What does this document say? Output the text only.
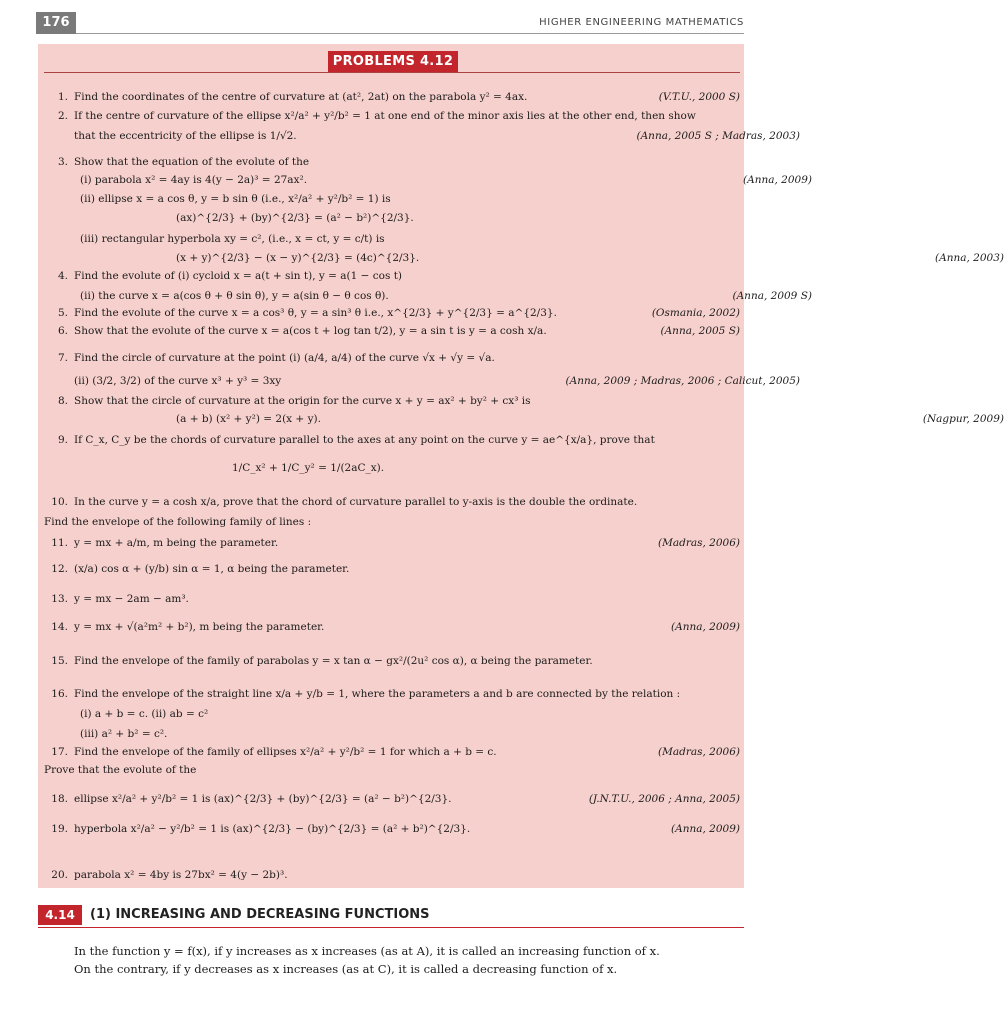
176	HIGHER ENGINEERING MATHEMATICS
PROBLEMS 4.12
1. Find the coordinates of the centre of curvature at (at², 2at) on the parabola y² = 4ax.	(V.T.U., 2000 S)
2. If the centre of curvature of the ellipse x²/a² + y²/b² = 1 at one end of the minor axis lies at the other end, then show
that the eccentricity of the ellipse is 1/√2.	(Anna, 2005 S ; Madras, 2003)
3. Show that the equation of the evolute of the
(i) parabola x² = 4ay is 4(y − 2a)³ = 27ax².	(Anna, 2009)
(ii) ellipse x = a cos θ, y = b sin θ (i.e., x²/a² + y²/b² = 1) is
(ax)^{2/3} + (by)^{2/3} = (a² − b²)^{2/3}.
(iii) rectangular hyperbola xy = c², (i.e., x = ct, y = c/t) is
(x + y)^{2/3} − (x − y)^{2/3} = (4c)^{2/3}.	(Anna, 2003)
4. Find the evolute of (i) cycloid x = a(t + sin t), y = a(1 − cos t)
(ii) the curve x = a(cos θ + θ sin θ), y = a(sin θ − θ cos θ).	(Anna, 2009 S)
5. Find the evolute of the curve x = a cos³ θ, y = a sin³ θ i.e., x^{2/3} + y^{2/3} = a^{2/3}.	(Osmania, 2002)
6. Show that the evolute of the curve x = a(cos t + log tan t/2), y = a sin t is y = a cosh x/a.	(Anna, 2005 S)
7. Find the circle of curvature at the point (i) (a/4, a/4) of the curve √x + √y = √a.
(ii) (3/2, 3/2) of the curve x³ + y³ = 3xy	(Anna, 2009 ; Madras, 2006 ; Calicut, 2005)
8. Show that the circle of curvature at the origin for the curve x + y = ax² + by² + cx³ is
(a + b) (x² + y²) = 2(x + y).	(Nagpur, 2009)
9. If C_x, C_y be the chords of curvature parallel to the axes at any point on the curve y = ae^{x/a}, prove that
1/C_x² + 1/C_y² = 1/(2aC_x).
10. In the curve y = a cosh x/a, prove that the chord of curvature parallel to y-axis is the double the ordinate.
Find the envelope of the following family of lines :
11. y = mx + a/m, m being the parameter.	(Madras, 2006)
12. (x/a) cos α + (y/b) sin α = 1, α being the parameter.
13. y = mx − 2am − am³.
14. y = mx + √(a²m² + b²), m being the parameter.	(Anna, 2009)
15. Find the envelope of the family of parabolas y = x tan α − gx²/(2u² cos α), α being the parameter.
16. Find the envelope of the straight line x/a + y/b = 1, where the parameters a and b are connected by the relation :
(i) a + b = c. (ii) ab = c²
(iii) a² + b² = c².
17. Find the envelope of the family of ellipses x²/a² + y²/b² = 1 for which a + b = c.	(Madras, 2006)
Prove that the evolute of the
18. ellipse x²/a² + y²/b² = 1 is (ax)^{2/3} + (by)^{2/3} = (a² − b²)^{2/3}.	(J.N.T.U., 2006 ; Anna, 2005)
19. hyperbola x²/a² − y²/b² = 1 is (ax)^{2/3} − (by)^{2/3} = (a² + b²)^{2/3}.	(Anna, 2009)
20. parabola x² = 4by is 27bx² = 4(y − 2b)³.
4.14	(1) INCREASING AND DECREASING FUNCTIONS
In the function y = f(x), if y increases as x increases (as at A), it is called an increasing function of x.
On the contrary, if y decreases as x increases (as at C), it is called a decreasing function of x.
